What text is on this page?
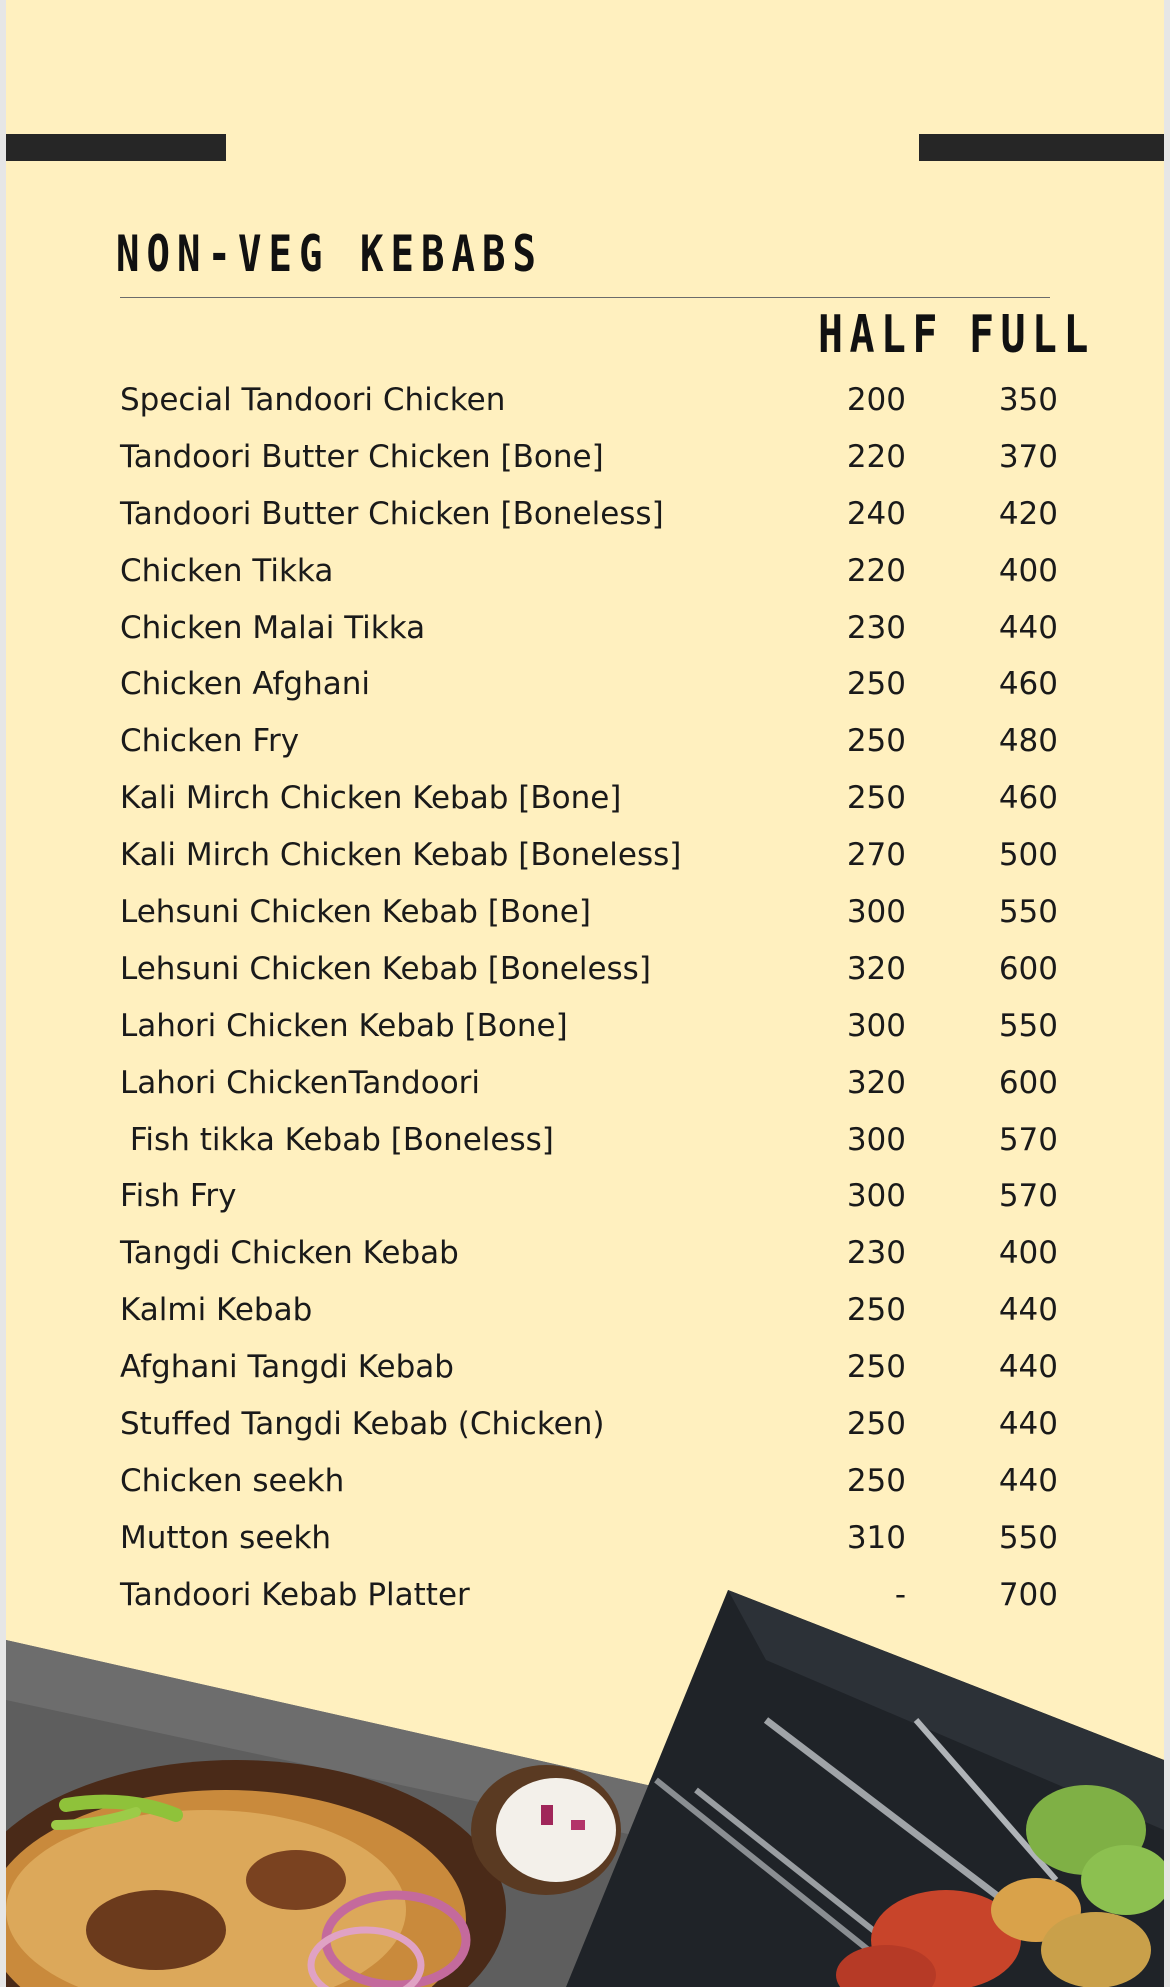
NON-VEG KEBABS
HALF FULL
Special Tandoori Chicken	200	350
Tandoori Butter Chicken [Bone]	220	370
Tandoori Butter Chicken [Boneless]	240	420
Chicken Tikka	220	400
Chicken Malai Tikka	230	440
Chicken Afghani	250	460
Chicken Fry	250	480
Kali Mirch Chicken Kebab [Bone]	250	460
Kali Mirch Chicken Kebab [Boneless]	270	500
Lehsuni Chicken Kebab [Bone]	300	550
Lehsuni Chicken Kebab [Boneless]	320	600
Lahori Chicken Kebab [Bone]	300	550
Lahori ChickenTandoori	320	600
Fish tikka Kebab [Boneless]	300	570
Fish Fry	300	570
Tangdi Chicken Kebab	230	400
Kalmi Kebab	250	440
Afghani Tangdi Kebab	250	440
Stuffed Tangdi Kebab (Chicken)	250	440
Chicken seekh	250	440
Mutton seekh	310	550
Tandoori Kebab Platter	-	700
